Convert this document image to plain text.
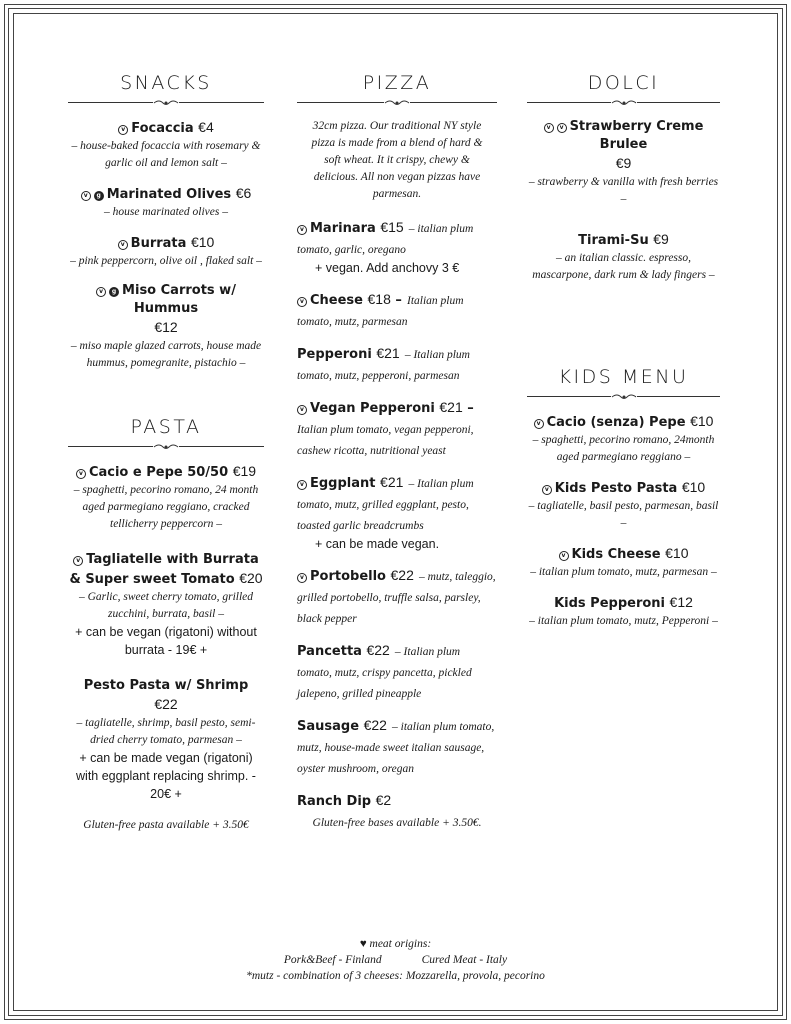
SNACKS
v Focaccia €4
– house-baked focaccia with rosemary & garlic oil and lemon salt –
v g Marinated Olives €6
– house marinated olives –
v Burrata €10
– pink peppercorn, olive oil , flaked salt –
v g Miso Carrots w/ Hummus
€12
– miso maple glazed carrots, house made hummus, pomegranite, pistachio –
PASTA
v Cacio e Pepe 50/50 €19
– spaghetti, pecorino romano, 24 month aged parmegiano reggiano, cracked tellicherry peppercorn –
v Tagliatelle with Burrata & Super sweet Tomato €20
– Garlic, sweet cherry tomato, grilled zucchini, burrata, basil –
+ can be vegan (rigatoni) without burrata - 19€ +
Pesto Pasta w/ Shrimp
€22
– tagliatelle, shrimp, basil pesto, semi-dried cherry tomato, parmesan –
+ can be made vegan (rigatoni) with eggplant replacing shrimp. - 20€ +
Gluten-free pasta available + 3.50€
PIZZA
32cm pizza. Our traditional NY style pizza is made from a blend of hard & soft wheat. It it crispy, chewy & delicious. All non vegan pizzas have parmesan.
v Marinara €15 – italian plum tomato, garlic, oregano
+ vegan. Add anchovy 3 €
v Cheese €18 – Italian plum tomato, mutz, parmesan
Pepperoni €21 – Italian plum tomato, mutz, pepperoni, parmesan
v Vegan Pepperoni €21 – Italian plum tomato, vegan pepperoni, cashew ricotta, nutritional yeast
v Eggplant €21 – Italian plum tomato, mutz, grilled eggplant, pesto, toasted garlic breadcrumbs
+ can be made vegan.
v Portobello €22 – mutz, taleggio, grilled portobello, truffle salsa, parsley, black pepper
Pancetta €22 – Italian plum tomato, mutz, crispy pancetta, pickled jalepeno, grilled pineapple
Sausage €22 – italian plum tomato, mutz, house-made sweet italian sausage, oyster mushroom, oregan
Ranch Dip €2
Gluten-free bases available + 3.50€.
DOLCI
v v Strawberry Creme Brulee
€9
– strawberry & vanilla with fresh berries –
Tirami-Su €9
– an italian classic. espresso, mascarpone, dark rum & lady fingers –
KIDS MENU
v Cacio (senza) Pepe €10
– spaghetti, pecorino romano, 24month aged parmegiano reggiano –
v Kids Pesto Pasta €10
– tagliatelle, basil pesto, parmesan, basil –
v Kids Cheese €10
– italian plum tomato, mutz, parmesan –
Kids Pepperoni €12
– italian plum tomato, mutz, Pepperoni –
♥ meat origins:
Pork&Beef - Finland	Cured Meat - Italy
*mutz - combination of 3 cheeses: Mozzarella, provola, pecorino
